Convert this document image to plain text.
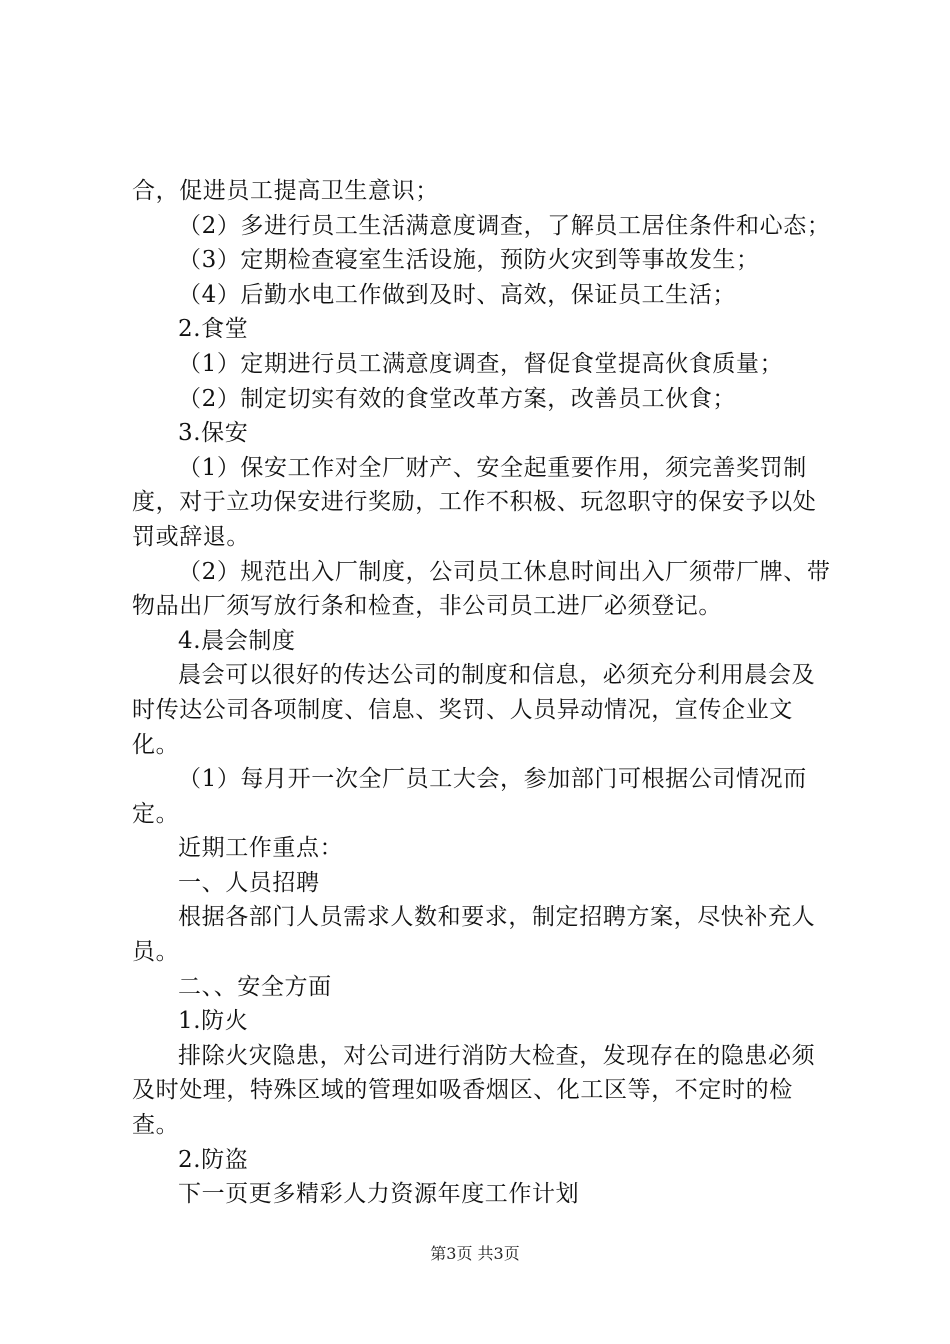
合，促进员工提高卫生意识；

（2）多进行员工生活满意度调查，了解员工居住条件和心态；

（3）定期检查寝室生活设施，预防火灾到等事故发生；

（4）后勤水电工作做到及时、高效，保证员工生活；

2.食堂

（1）定期进行员工满意度调查，督促食堂提高伙食质量；

（2）制定切实有效的食堂改革方案，改善员工伙食；

3.保安

（1）保安工作对全厂财产、安全起重要作用，须完善奖罚制度，对于立功保安进行奖励，工作不积极、玩忽职守的保安予以处罚或辞退。

（2）规范出入厂制度，公司员工休息时间出入厂须带厂牌、带物品出厂须写放行条和检查，非公司员工进厂必须登记。

4.晨会制度

晨会可以很好的传达公司的制度和信息，必须充分利用晨会及时传达公司各项制度、信息、奖罚、人员异动情况，宣传企业文化。

（1）每月开一次全厂员工大会，参加部门可根据公司情况而定。

近期工作重点：

一、人员招聘

根据各部门人员需求人数和要求，制定招聘方案，尽快补充人员。

二、、安全方面

1.防火

排除火灾隐患，对公司进行消防大检查，发现存在的隐患必须及时处理，特殊区域的管理如吸香烟区、化工区等，不定时的检查。

2.防盗

下一页更多精彩人力资源年度工作计划

第3页 共3页
